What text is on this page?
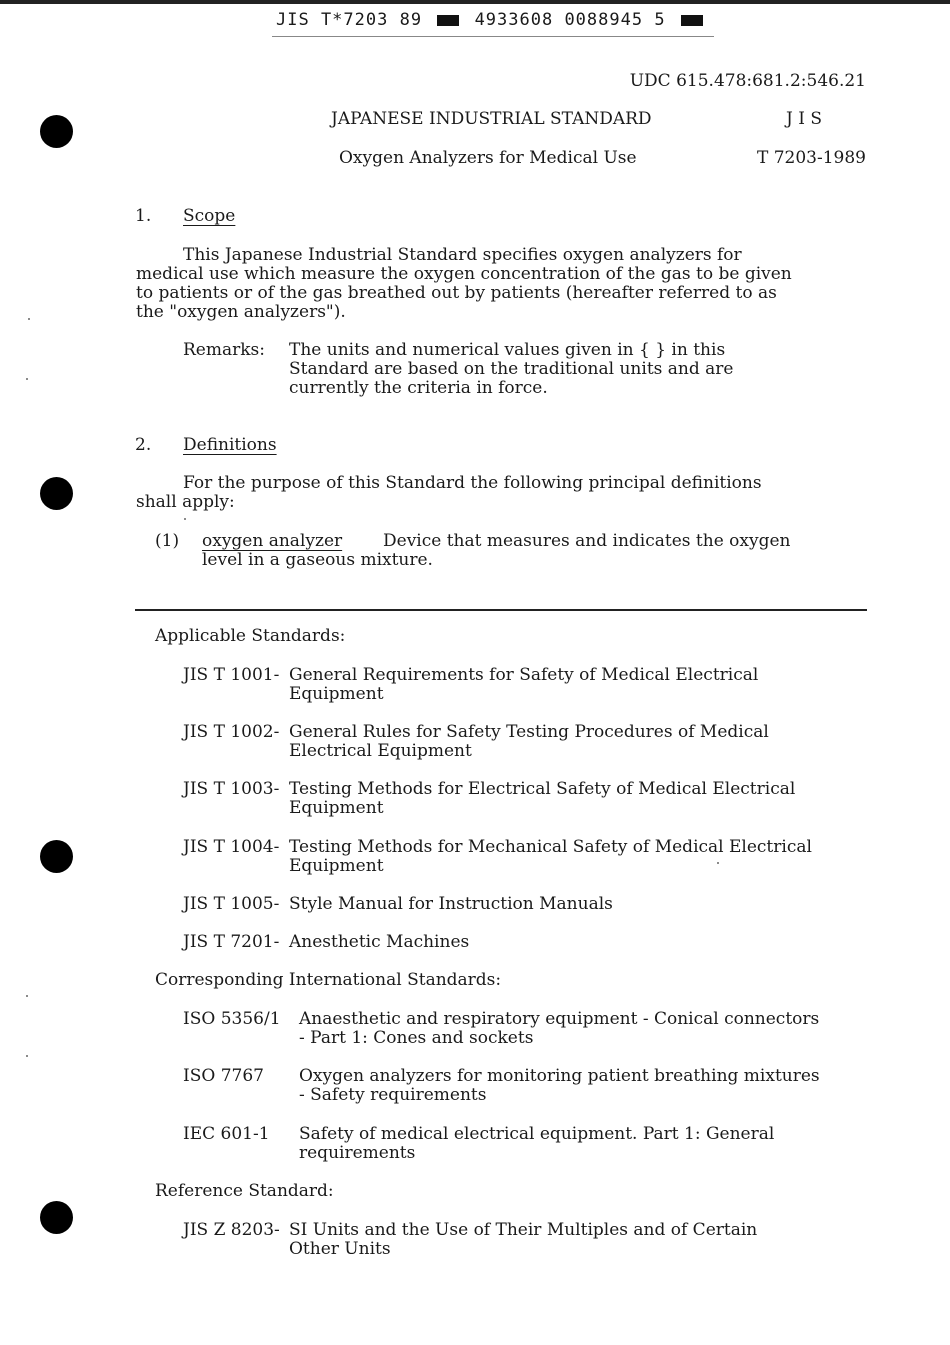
JIS T*7203 89	4933608 0088945 5
UDC 615.478:681.2:546.21
JAPANESE INDUSTRIAL STANDARD	J I S
Oxygen Analyzers for Medical Use	T 7203-1989
1. Scope
This Japanese Industrial Standard specifies oxygen analyzers for
medical use which measure the oxygen concentration of the gas to be given
to patients or of the gas breathed out by patients (hereafter referred to as
the "oxygen analyzers").
Remarks: The units and numerical values given in { } in this
Standard are based on the traditional units and are
currently the criteria in force.
2. Definitions
For the purpose of this Standard the following principal definitions
shall apply:
(1) oxygen analyzer Device that measures and indicates the oxygen
level in a gaseous mixture.
Applicable Standards:
JIS T 1001- General Requirements for Safety of Medical Electrical
Equipment
JIS T 1002- General Rules for Safety Testing Procedures of Medical
Electrical Equipment
JIS T 1003- Testing Methods for Electrical Safety of Medical Electrical
Equipment
JIS T 1004- Testing Methods for Mechanical Safety of Medical Electrical
Equipment
JIS T 1005- Style Manual for Instruction Manuals
JIS T 7201- Anesthetic Machines
Corresponding International Standards:
ISO 5356/1 Anaesthetic and respiratory equipment - Conical connectors
- Part 1: Cones and sockets
ISO 7767 Oxygen analyzers for monitoring patient breathing mixtures
- Safety requirements
IEC 601-1 Safety of medical electrical equipment. Part 1: General
requirements
Reference Standard:
JIS Z 8203- SI Units and the Use of Their Multiples and of Certain
Other Units
